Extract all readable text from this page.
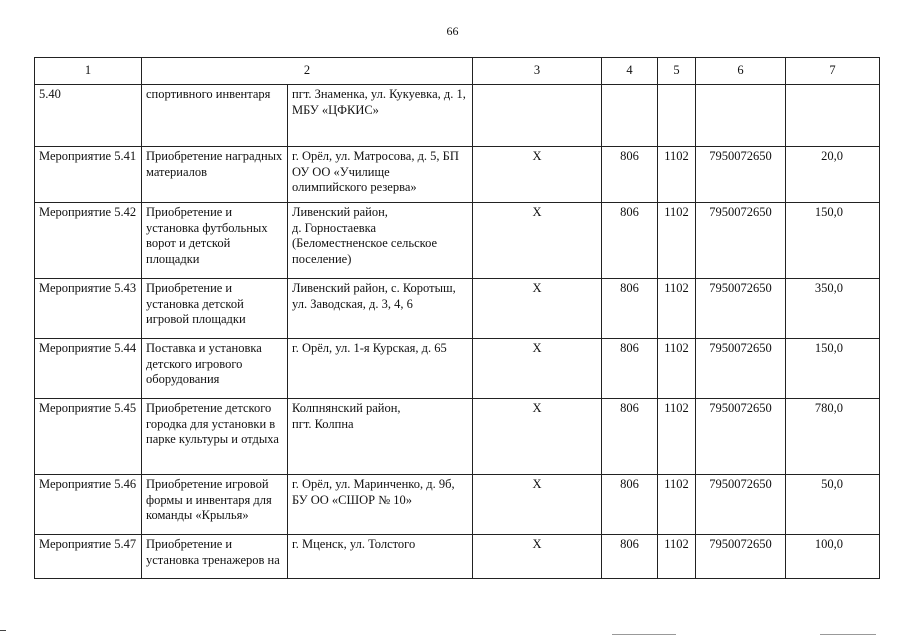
66
1	2		3	4	5	6	7
5.40	спортивного инвентаря	пгт. Знаменка, ул. Кукуевка, д. 1,
МБУ «ЦФКИС»					
Мероприятие 5.41	Приобретение наградных материалов	г. Орёл, ул. Матросова, д. 5, БП ОУ ОО «Училище олимпийского резерва»	X	806	1102	7950072650	20,0
Мероприятие 5.42	Приобретение и установка футбольных ворот и детской площадки	Ливенский район,
д. Горностаевка (Беломестненское сельское поселение)	X	806	1102	7950072650	150,0
Мероприятие 5.43	Приобретение и установка детской игровой площадки	Ливенский район, с. Коротыш, ул. Заводская, д. 3, 4, 6	X	806	1102	7950072650	350,0
Мероприятие 5.44	Поставка и установка детского игрового оборудования	г. Орёл, ул. 1-я Курская, д. 65	X	806	1102	7950072650	150,0
Мероприятие 5.45	Приобретение детского городка для установки в парке культуры и отдыха	Колпнянский район,
пгт. Колпна	X	806	1102	7950072650	780,0
Мероприятие 5.46	Приобретение игровой формы и инвентаря для команды «Крылья»	г. Орёл, ул. Маринченко, д. 9б, БУ ОО «СШОР № 10»	X	806	1102	7950072650	50,0
Мероприятие 5.47	Приобретение и установка тренажеров на	г. Мценск, ул. Толстого	X	806	1102	7950072650	100,0
